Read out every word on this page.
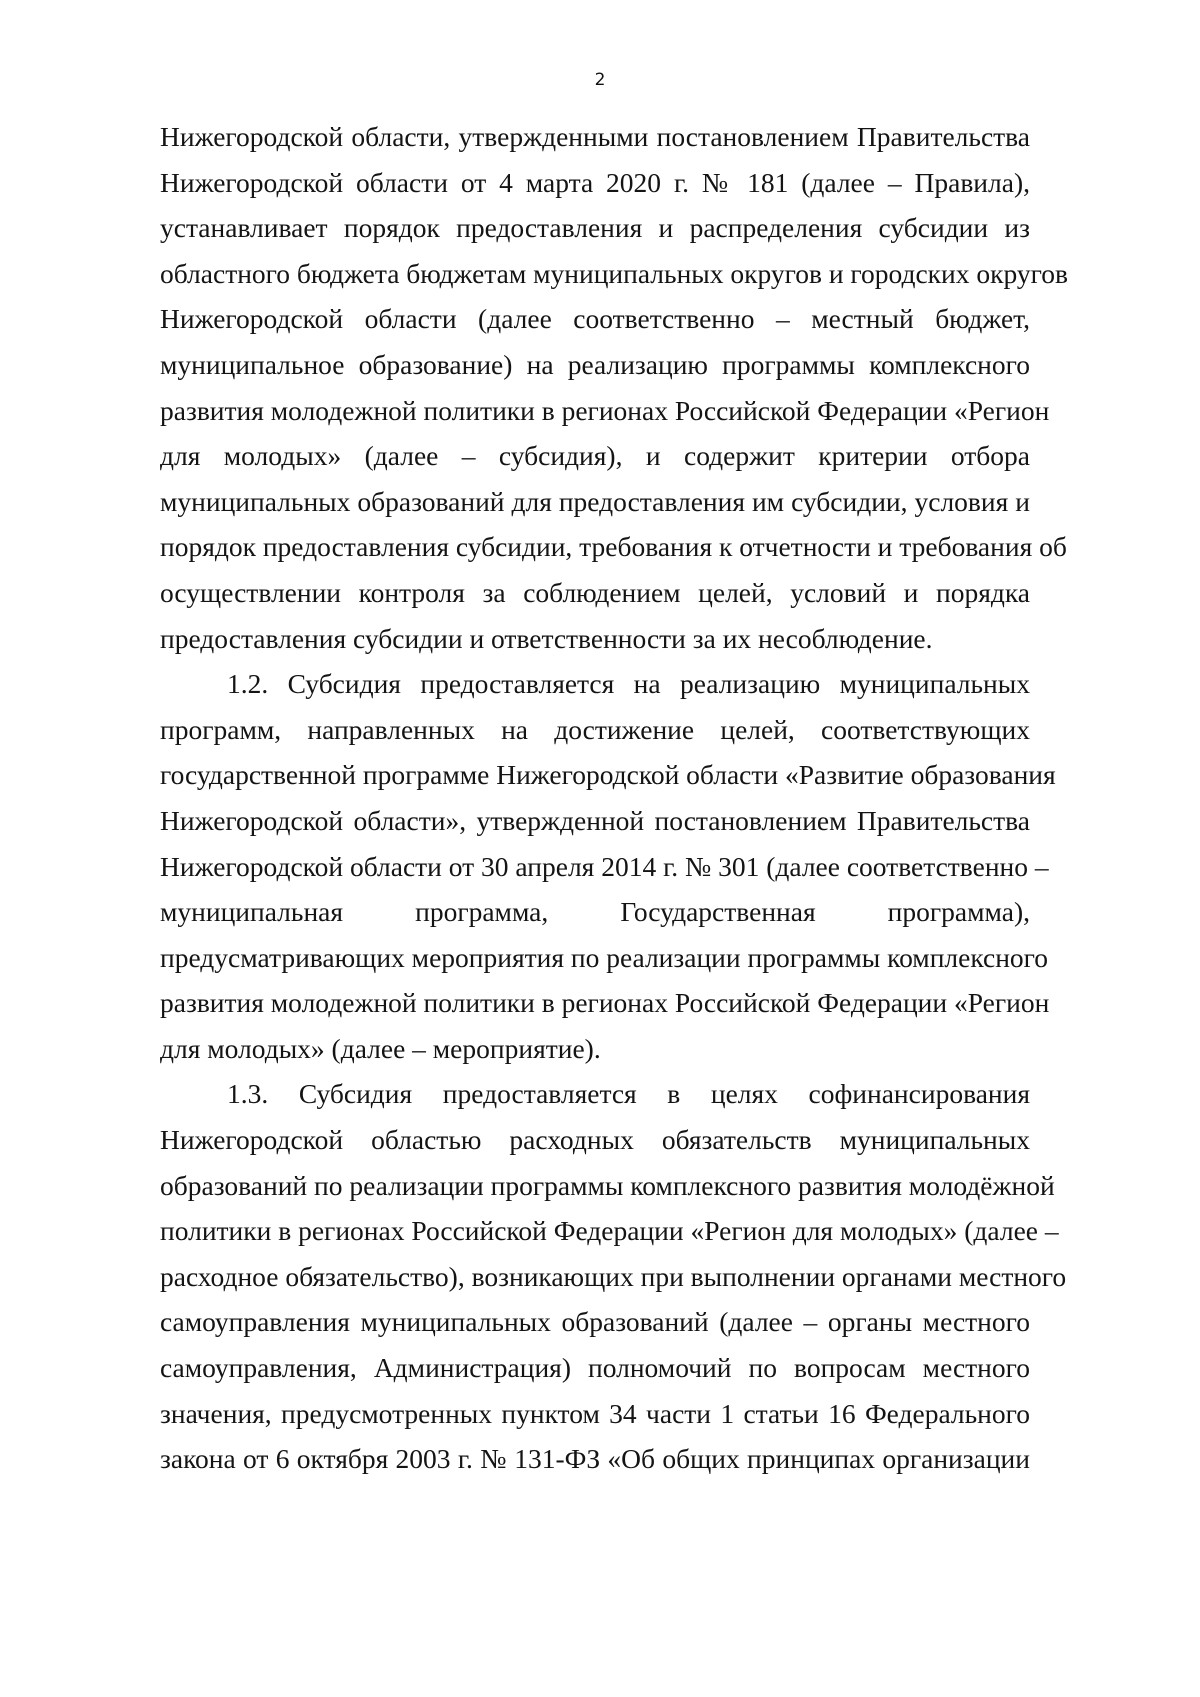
2
Нижегородской области, утвержденными постановлением Правительства
Нижегородской области от 4 марта 2020 г. № 181 (далее – Правила),
устанавливает порядок предоставления и распределения субсидии из
областного бюджета бюджетам муниципальных округов и городских округов
Нижегородской области (далее соответственно – местный бюджет,
муниципальное образование) на реализацию программы комплексного
развития молодежной политики в регионах Российской Федерации «Регион
для молодых» (далее – субсидия), и содержит критерии отбора
муниципальных образований для предоставления им субсидии, условия и
порядок предоставления субсидии, требования к отчетности и требования об
осуществлении контроля за соблюдением целей, условий и порядка
предоставления субсидии и ответственности за их несоблюдение.
1.2. Субсидия предоставляется на реализацию муниципальных
программ, направленных на достижение целей, соответствующих
государственной программе Нижегородской области «Развитие образования
Нижегородской области», утвержденной постановлением Правительства
Нижегородской области от 30 апреля 2014 г. № 301 (далее соответственно –
муниципальная программа, Государственная программа),
предусматривающих мероприятия по реализации программы комплексного
развития молодежной политики в регионах Российской Федерации «Регион
для молодых» (далее – мероприятие).
1.3. Субсидия предоставляется в целях софинансирования
Нижегородской областью расходных обязательств муниципальных
образований по реализации программы комплексного развития молодёжной
политики в регионах Российской Федерации «Регион для молодых» (далее –
расходное обязательство), возникающих при выполнении органами местного
самоуправления муниципальных образований (далее – органы местного
самоуправления, Администрация) полномочий по вопросам местного
значения, предусмотренных пунктом 34 части 1 статьи 16 Федерального
закона от 6 октября 2003 г. № 131-ФЗ «Об общих принципах организации
